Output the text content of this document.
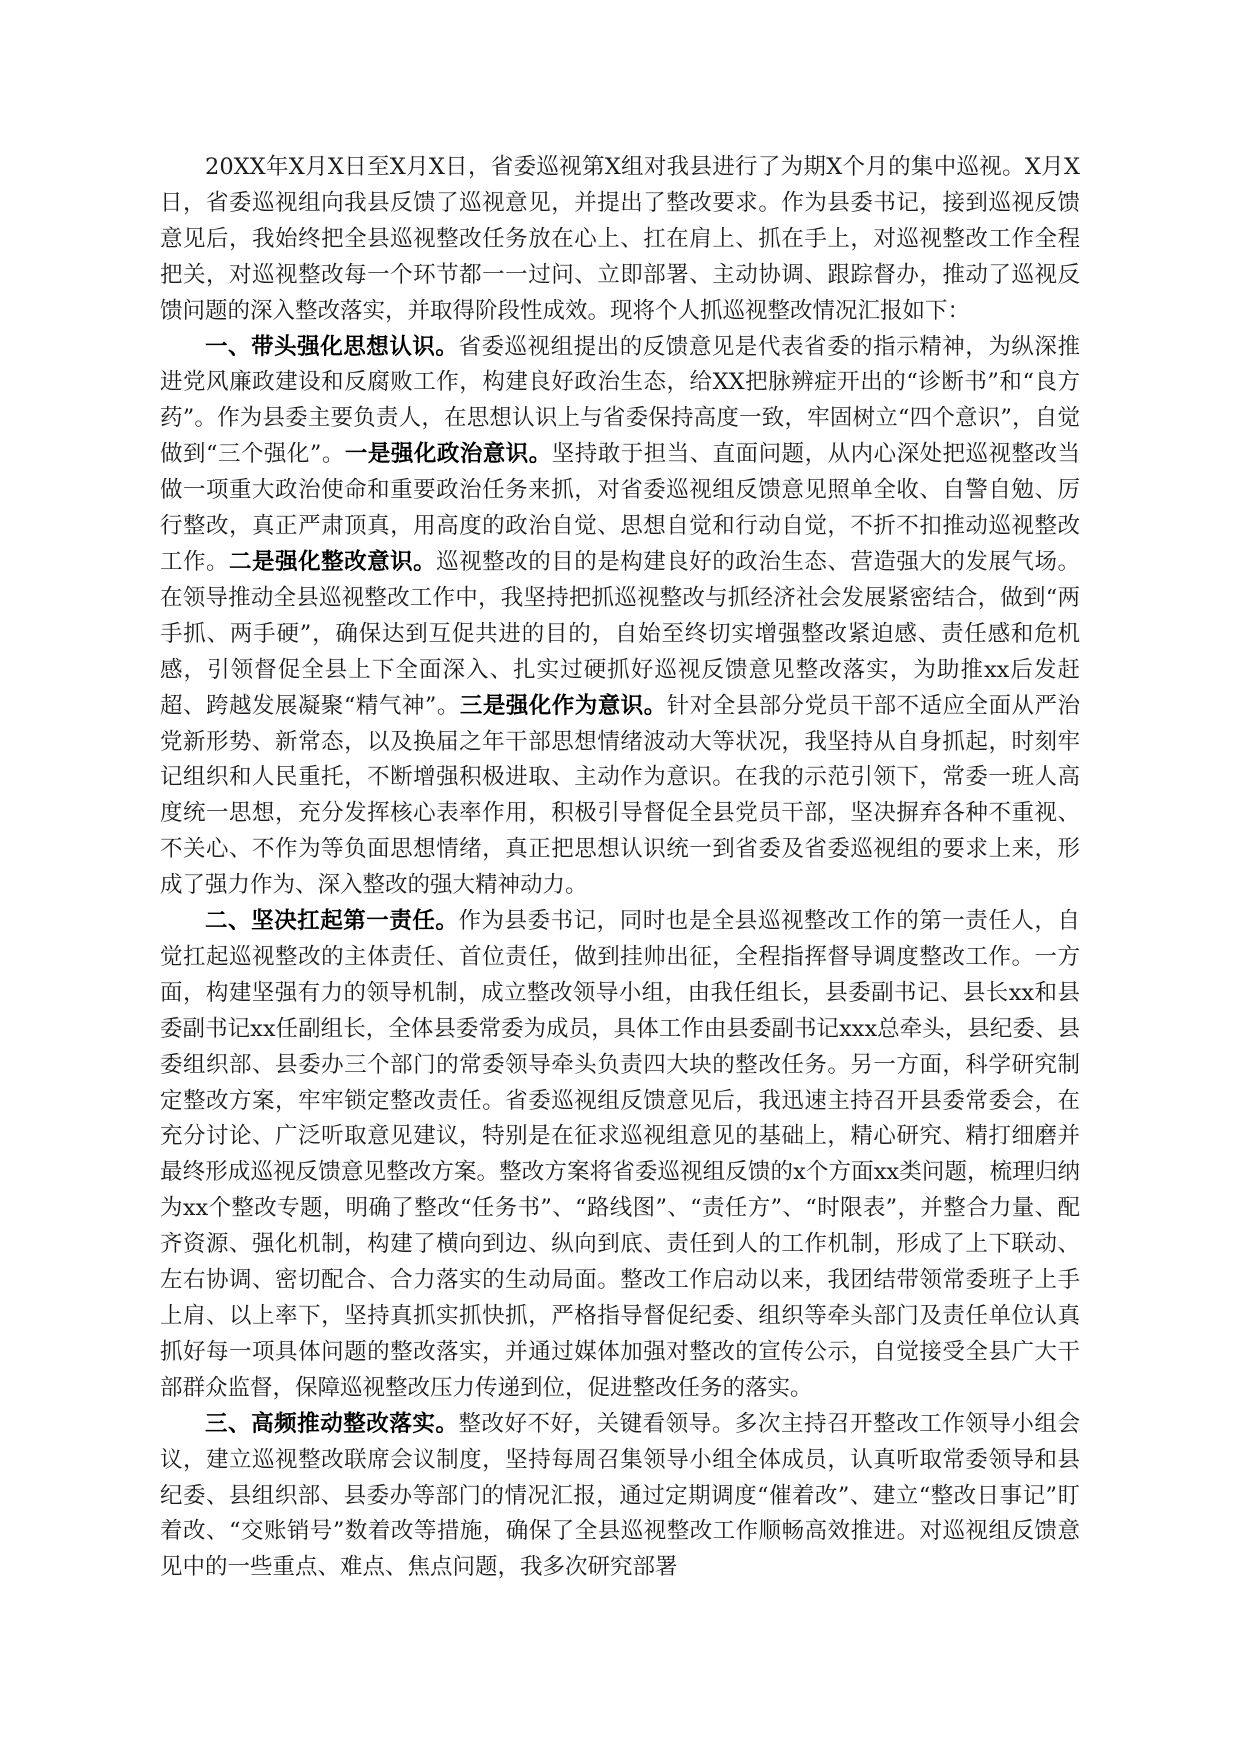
20XX年X月X日至X月X日，省委巡视第X组对我县进行了为期X个月的集中巡视。X月X日，省委巡视组向我县反馈了巡视意见，并提出了整改要求。作为县委书记，接到巡视反馈意见后，我始终把全县巡视整改任务放在心上、扛在肩上、抓在手上，对巡视整改工作全程把关，对巡视整改每一个环节都一一过问、立即部署、主动协调、跟踪督办，推动了巡视反馈问题的深入整改落实，并取得阶段性成效。现将个人抓巡视整改情况汇报如下：

一、带头强化思想认识。省委巡视组提出的反馈意见是代表省委的指示精神，为纵深推进党风廉政建设和反腐败工作，构建良好政治生态，给XX把脉辨症开出的“诊断书”和“良方药”。作为县委主要负责人，在思想认识上与省委保持高度一致，牢固树立“四个意识”，自觉做到“三个强化”。一是强化政治意识。坚持敢于担当、直面问题，从内心深处把巡视整改当做一项重大政治使命和重要政治任务来抓，对省委巡视组反馈意见照单全收、自警自勉、厉行整改，真正严肃顶真，用高度的政治自觉、思想自觉和行动自觉，不折不扣推动巡视整改工作。二是强化整改意识。巡视整改的目的是构建良好的政治生态、营造强大的发展气场。在领导推动全县巡视整改工作中，我坚持把抓巡视整改与抓经济社会发展紧密结合，做到“两手抓、两手硬”，确保达到互促共进的目的，自始至终切实增强整改紧迫感、责任感和危机感，引领督促全县上下全面深入、扎实过硬抓好巡视反馈意见整改落实，为助推xx后发赶超、跨越发展凝聚“精气神”。三是强化作为意识。针对全县部分党员干部不适应全面从严治党新形势、新常态，以及换届之年干部思想情绪波动大等状况，我坚持从自身抓起，时刻牢记组织和人民重托，不断增强积极进取、主动作为意识。在我的示范引领下，常委一班人高度统一思想，充分发挥核心表率作用，积极引导督促全县党员干部，坚决摒弃各种不重视、不关心、不作为等负面思想情绪，真正把思想认识统一到省委及省委巡视组的要求上来，形成了强力作为、深入整改的强大精神动力。

二、坚决扛起第一责任。作为县委书记，同时也是全县巡视整改工作的第一责任人，自觉扛起巡视整改的主体责任、首位责任，做到挂帅出征，全程指挥督导调度整改工作。一方面，构建坚强有力的领导机制，成立整改领导小组，由我任组长，县委副书记、县长xx和县委副书记xx任副组长，全体县委常委为成员，具体工作由县委副书记xxx总牵头，县纪委、县委组织部、县委办三个部门的常委领导牵头负责四大块的整改任务。另一方面，科学研究制定整改方案，牢牢锁定整改责任。省委巡视组反馈意见后，我迅速主持召开县委常委会，在充分讨论、广泛听取意见建议，特别是在征求巡视组意见的基础上，精心研究、精打细磨并最终形成巡视反馈意见整改方案。整改方案将省委巡视组反馈的x个方面xx类问题，梳理归纳为xx个整改专题，明确了整改“任务书”、“路线图”、“责任方”、“时限表”，并整合力量、配齐资源、强化机制，构建了横向到边、纵向到底、责任到人的工作机制，形成了上下联动、左右协调、密切配合、合力落实的生动局面。整改工作启动以来，我团结带领常委班子上手上肩、以上率下，坚持真抓实抓快抓，严格指导督促纪委、组织等牵头部门及责任单位认真抓好每一项具体问题的整改落实，并通过媒体加强对整改的宣传公示，自觉接受全县广大干部群众监督，保障巡视整改压力传递到位，促进整改任务的落实。

三、高频推动整改落实。整改好不好，关键看领导。多次主持召开整改工作领导小组会议，建立巡视整改联席会议制度，坚持每周召集领导小组全体成员，认真听取常委领导和县纪委、县组织部、县委办等部门的情况汇报，通过定期调度“催着改”、建立“整改日事记”盯着改、“交账销号”数着改等措施，确保了全县巡视整改工作顺畅高效推进。对巡视组反馈意见中的一些重点、难点、焦点问题，我多次研究部署
